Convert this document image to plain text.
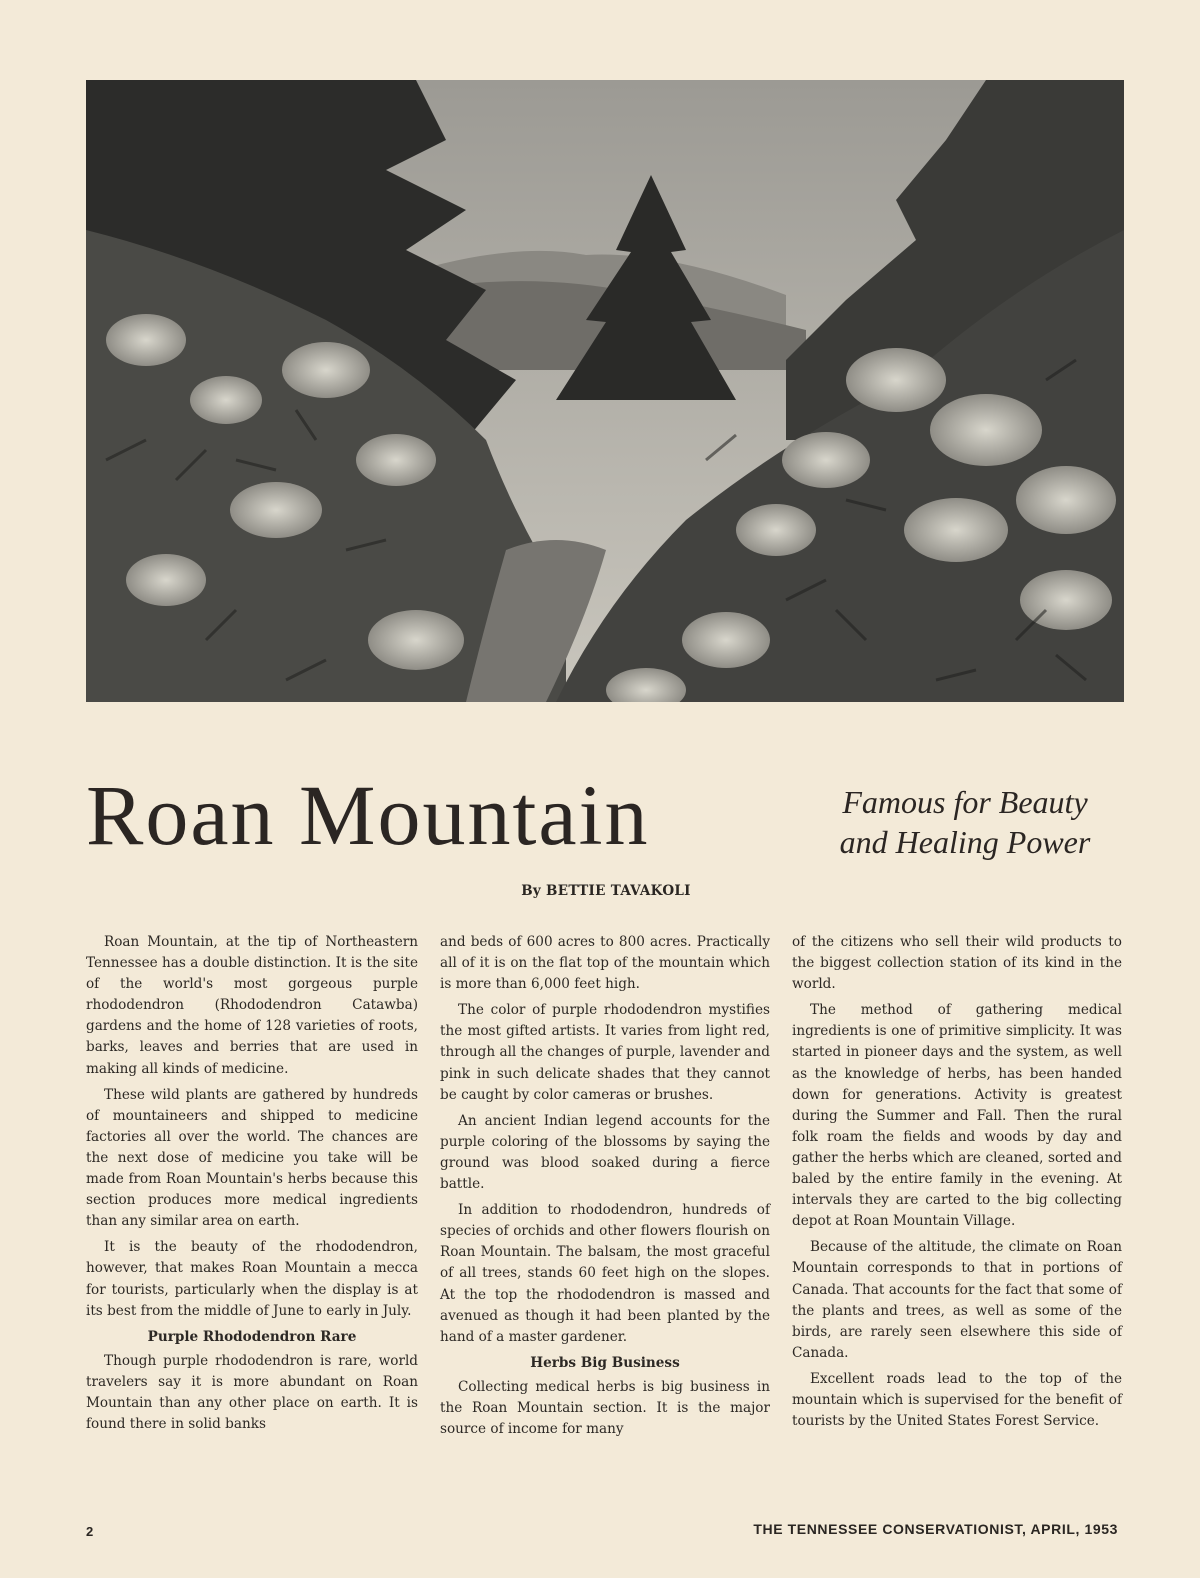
Roan Mountain	Famous for Beauty
and Healing Power
By BETTIE TAVAKOLI

Roan Mountain, at the tip of Northeastern Tennessee has a double distinction. It is the site of the world's most gorgeous purple rhododendron (Rhododendron Catawba) gardens and the home of 128 varieties of roots, barks, leaves and berries that are used in making all kinds of medicine.

These wild plants are gathered by hundreds of mountaineers and shipped to medicine factories all over the world. The chances are the next dose of medicine you take will be made from Roan Mountain's herbs because this section produces more medical ingredients than any similar area on earth.

It is the beauty of the rhododendron, however, that makes Roan Mountain a mecca for tourists, particularly when the display is at its best from the middle of June to early in July.

Purple Rhododendron Rare

Though purple rhododendron is rare, world travelers say it is more abundant on Roan Mountain than any other place on earth. It is found there in solid banks

and beds of 600 acres to 800 acres. Practically all of it is on the flat top of the mountain which is more than 6,000 feet high.

The color of purple rhododendron mystifies the most gifted artists. It varies from light red, through all the changes of purple, lavender and pink in such delicate shades that they cannot be caught by color cameras or brushes.

An ancient Indian legend accounts for the purple coloring of the blossoms by saying the ground was blood soaked during a fierce battle.

In addition to rhododendron, hundreds of species of orchids and other flowers flourish on Roan Mountain. The balsam, the most graceful of all trees, stands 60 feet high on the slopes. At the top the rhododendron is massed and avenued as though it had been planted by the hand of a master gardener.

Herbs Big Business

Collecting medical herbs is big business in the Roan Mountain section. It is the major source of income for many

of the citizens who sell their wild products to the biggest collection station of its kind in the world.

The method of gathering medical ingredients is one of primitive simplicity. It was started in pioneer days and the system, as well as the knowledge of herbs, has been handed down for generations. Activity is greatest during the Summer and Fall. Then the rural folk roam the fields and woods by day and gather the herbs which are cleaned, sorted and baled by the entire family in the evening. At intervals they are carted to the big collecting depot at Roan Mountain Village.

Because of the altitude, the climate on Roan Mountain corresponds to that in portions of Canada. That accounts for the fact that some of the plants and trees, as well as some of the birds, are rarely seen elsewhere this side of Canada.

Excellent roads lead to the top of the mountain which is supervised for the benefit of tourists by the United States Forest Service.

2	THE TENNESSEE CONSERVATIONIST, APRIL, 1953
